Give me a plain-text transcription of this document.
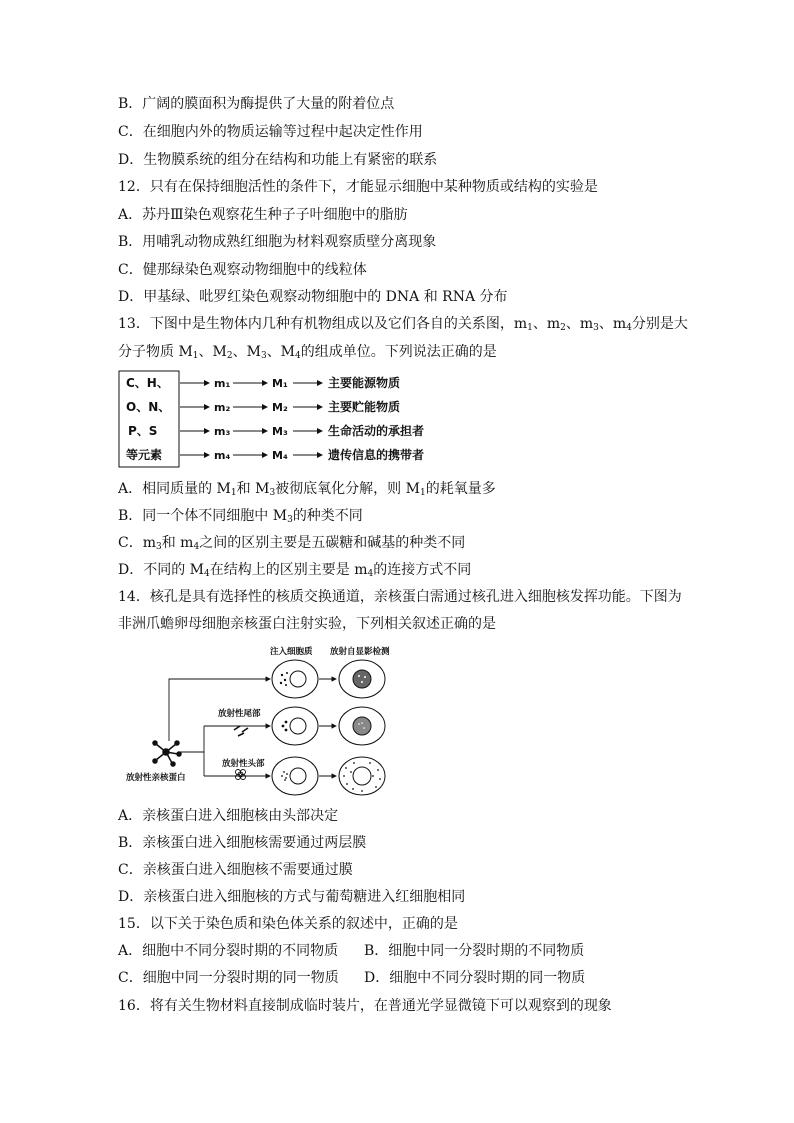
B．广阔的膜面积为酶提供了大量的附着位点
C．在细胞内外的物质运输等过程中起决定性作用
D．生物膜系统的组分在结构和功能上有紧密的联系
12．只有在保持细胞活性的条件下，才能显示细胞中某种物质或结构的实验是
A．苏丹Ⅲ染色观察花生种子子叶细胞中的脂肪
B．用哺乳动物成熟红细胞为材料观察质壁分离现象
C．健那绿染色观察动物细胞中的线粒体
D．甲基绿、吡罗红染色观察动物细胞中的 DNA 和 RNA 分布
13．下图中是生物体内几种有机物组成以及它们各自的关系图，$m_1$、$m_2$、$m_3$、$m_4$分别是大
分子物质 $M_1$、$M_2$、$M_3$、$M_4$的组成单位。下列说法正确的是
C、H、
O、N、
P、S
等元素
m₁
m₂
m₃
m₄
M₁
M₂
M₃
M₄
主要能源物质
主要贮能物质
生命活动的承担者
遗传信息的携带者
A．相同质量的 $M_1$和 $M_3$被彻底氧化分解，则 $M_1$的耗氧量多
B．同一个体不同细胞中 $M_3$的种类不同
C．$m_3$和 $m_4$之间的区别主要是五碳糖和碱基的种类不同
D．不同的 $M_4$在结构上的区别主要是 $m_4$的连接方式不同
14．核孔是具有选择性的核质交换通道，亲核蛋白需通过核孔进入细胞核发挥功能。下图为
非洲爪蟾卵母细胞亲核蛋白注射实验，下列相关叙述正确的是
注入细胞质 放射自显影检测
放射性尾部
放射性头部
放射性亲核蛋白
A．亲核蛋白进入细胞核由头部决定
B．亲核蛋白进入细胞核需要通过两层膜
C．亲核蛋白进入细胞核不需要通过膜
D．亲核蛋白进入细胞核的方式与葡萄糖进入红细胞相同
15．以下关于染色质和染色体关系的叙述中，正确的是
A．细胞中不同分裂时期的不同物质 B．细胞中同一分裂时期的不同物质
C．细胞中同一分裂时期的同一物质 D．细胞中不同分裂时期的同一物质
16．将有关生物材料直接制成临时装片，在普通光学显微镜下可以观察到的现象
